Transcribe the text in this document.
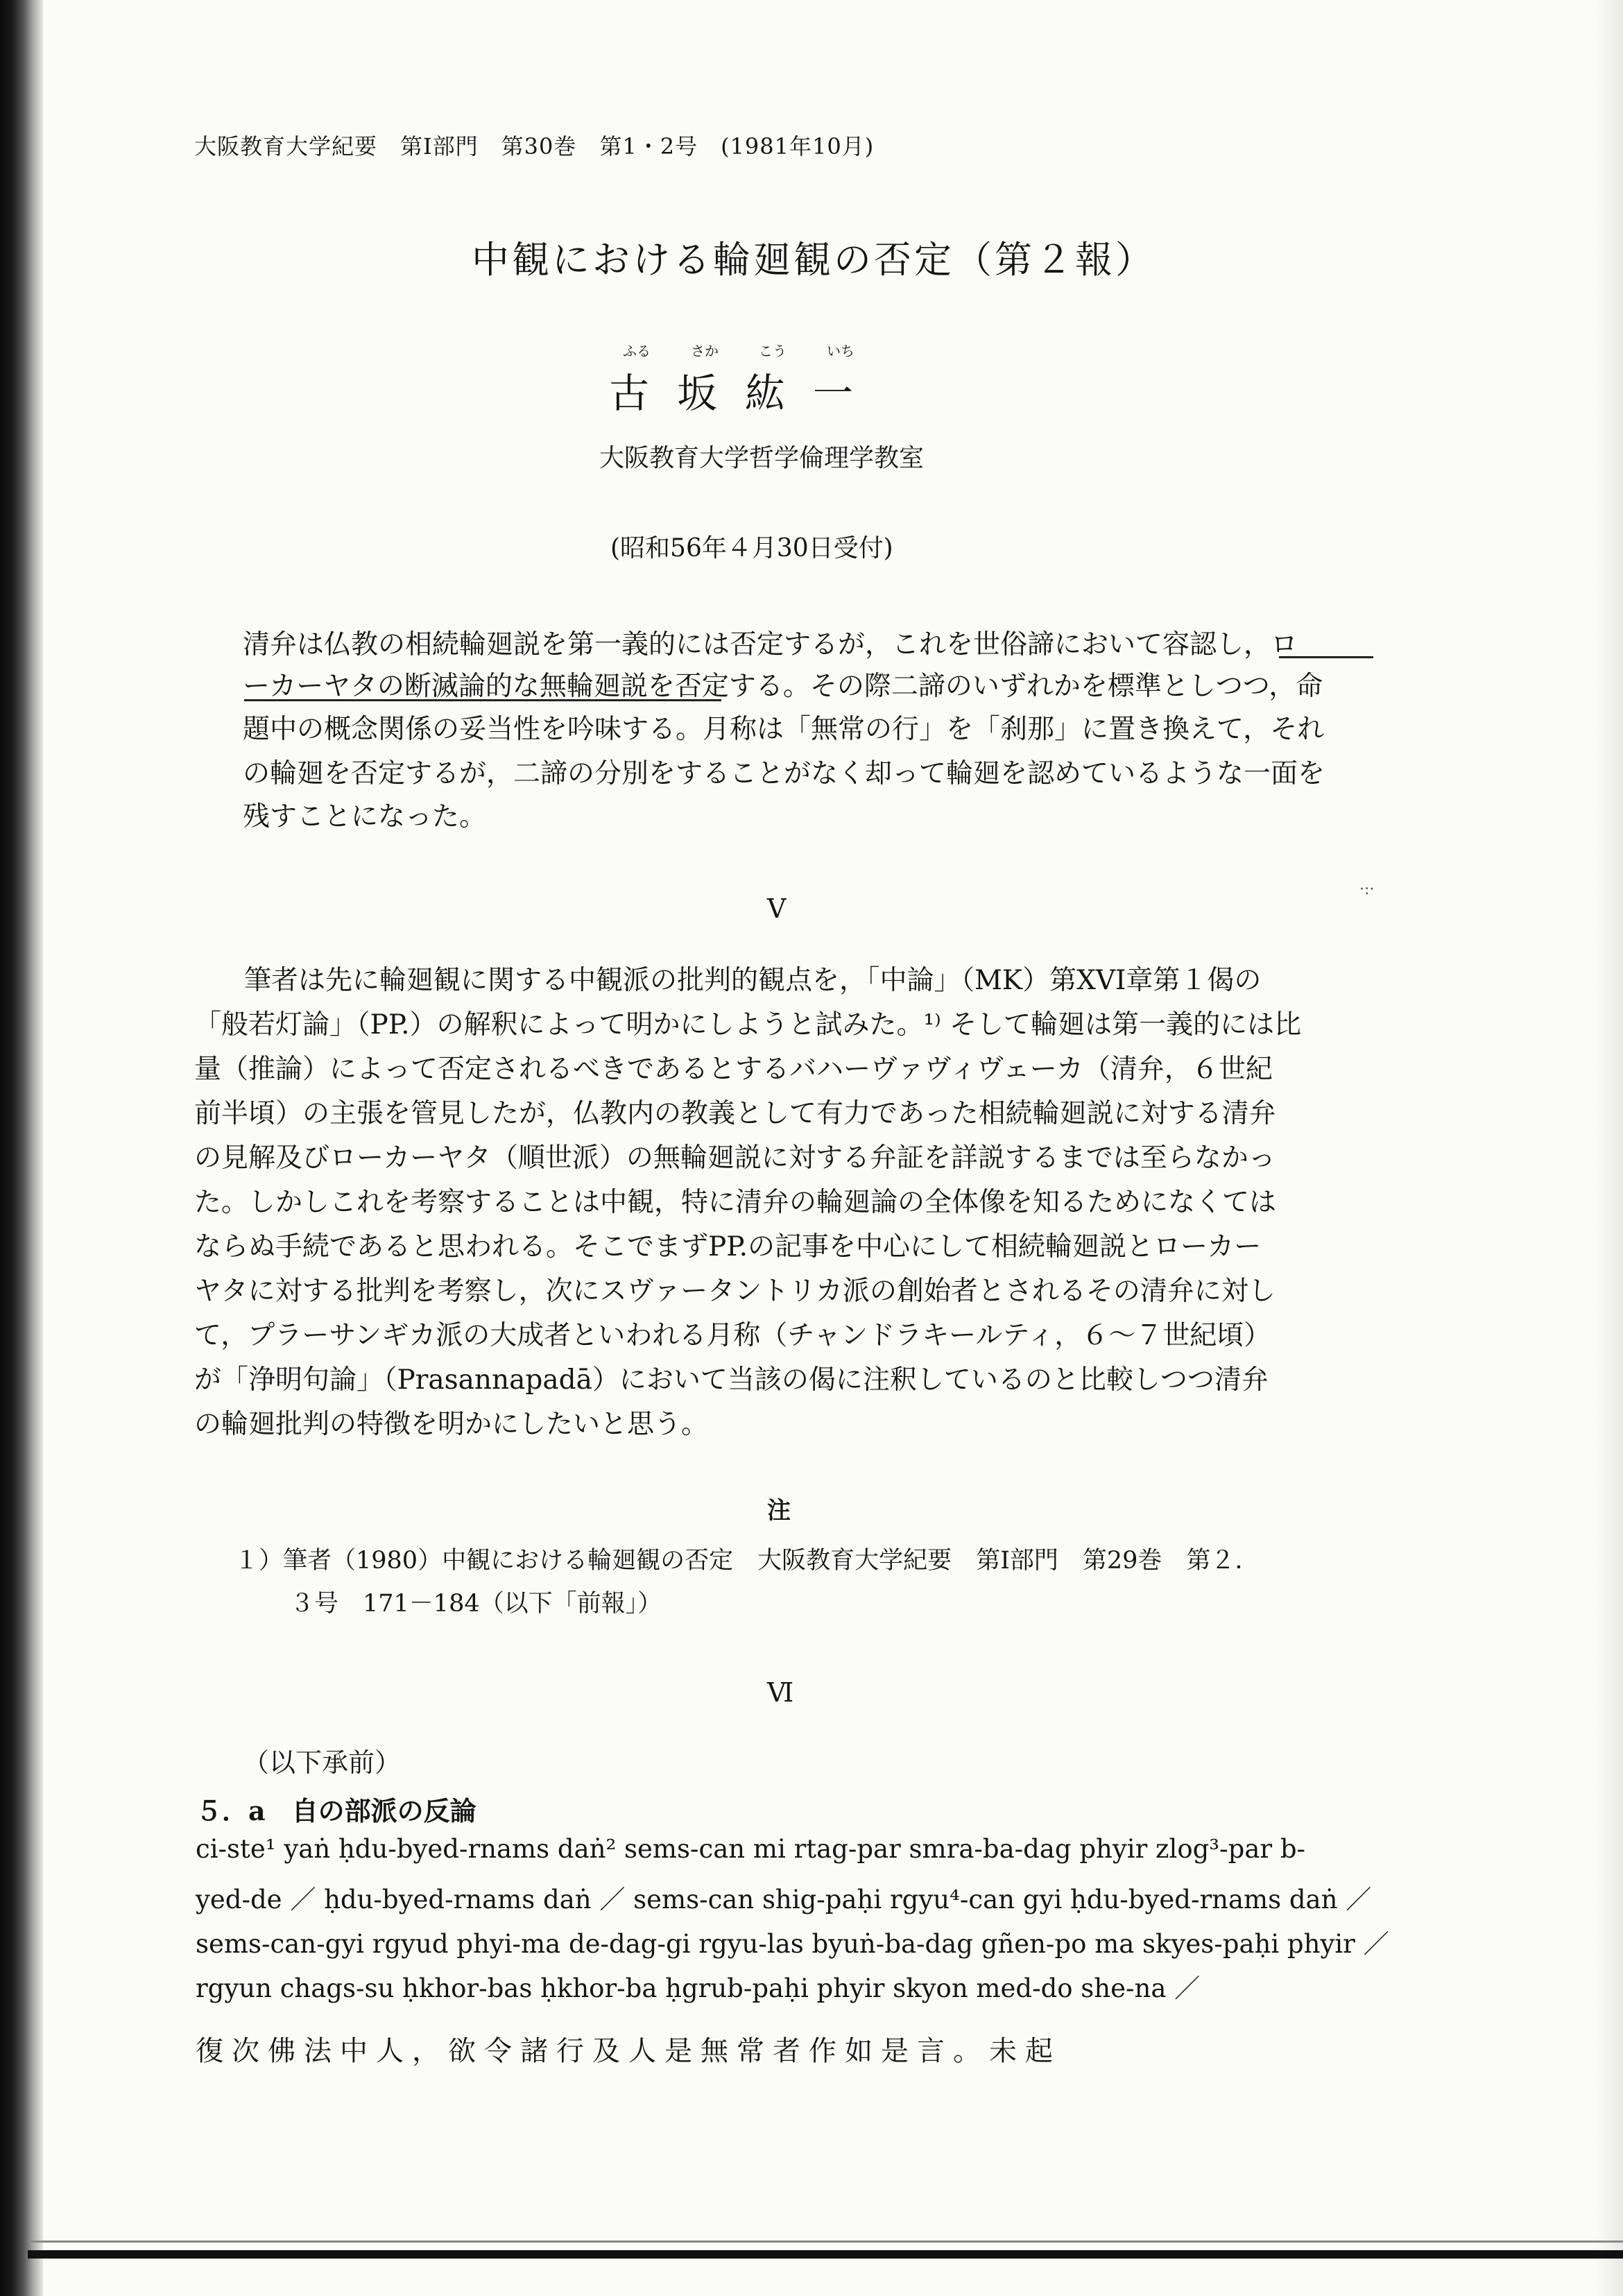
大阪教育大学紀要　第Ⅰ部門　第30巻　第1・2号　(1981年10月)
中観における輪廻観の否定（第２報）
ふる	さか	こう	いち
古坂紘一
大阪教育大学哲学倫理学教室
(昭和56年４月30日受付)
清弁は仏教の相続輪廻説を第一義的には否定するが，これを世俗諦において容認し，ロ
ーカーヤタの断滅論的な無輪廻説を否定する。その際二諦のいずれかを標準としつつ，命
題中の概念関係の妥当性を吟味する。月称は「無常の行」を「刹那」に置き換えて，それ
の輪廻を否定するが，二諦の分別をすることがなく却って輪廻を認めているような一面を
残すことになった。
·:·
V
筆者は先に輪廻観に関する中観派の批判的観点を，「中論」（MK）第XVI章第１偈の
「般若灯論」（PP.）の解釈によって明かにしようと試みた。¹⁾ そして輪廻は第一義的には比
量（推論）によって否定されるべきであるとするバハーヴァヴィヴェーカ（清弁，６世紀
前半頃）の主張を管見したが，仏教内の教義として有力であった相続輪廻説に対する清弁
の見解及びローカーヤタ（順世派）の無輪廻説に対する弁証を詳説するまでは至らなかっ
た。しかしこれを考察することは中観，特に清弁の輪廻論の全体像を知るためになくては
ならぬ手続であると思われる。そこでまずPP.の記事を中心にして相続輪廻説とローカー
ヤタに対する批判を考察し，次にスヴァータントリカ派の創始者とされるその清弁に対し
て，プラーサンギカ派の大成者といわれる月称（チャンドラキールティ，６～７世紀頃）
が「浄明句論」（Prasannapadā）において当該の偈に注釈しているのと比較しつつ清弁
の輪廻批判の特徴を明かにしたいと思う。
注
１）筆者（1980）中観における輪廻観の否定　大阪教育大学紀要　第Ⅰ部門　第29巻　第２．
３号　171－184（以下「前報」）
Ⅵ
（以下承前）
５．a　自の部派の反論
ci-ste¹ yaṅ ḥdu-byed-rnams daṅ² sems-can mi rtag-par smra-ba-dag phyir zlog³-par b-
yed-de ／ ḥdu-byed-rnams daṅ ／ sems-can shig-paḥi rgyu⁴-can gyi ḥdu-byed-rnams daṅ ／
sems-can-gyi rgyud phyi-ma de-dag-gi rgyu-las byuṅ-ba-dag gñen-po ma skyes-paḥi phyir ／
rgyun chags-su ḥkhor-bas ḥkhor-ba ḥgrub-paḥi phyir skyon med-do she-na ／
復次佛法中人，欲令諸行及人是無常者作如是言。未起
